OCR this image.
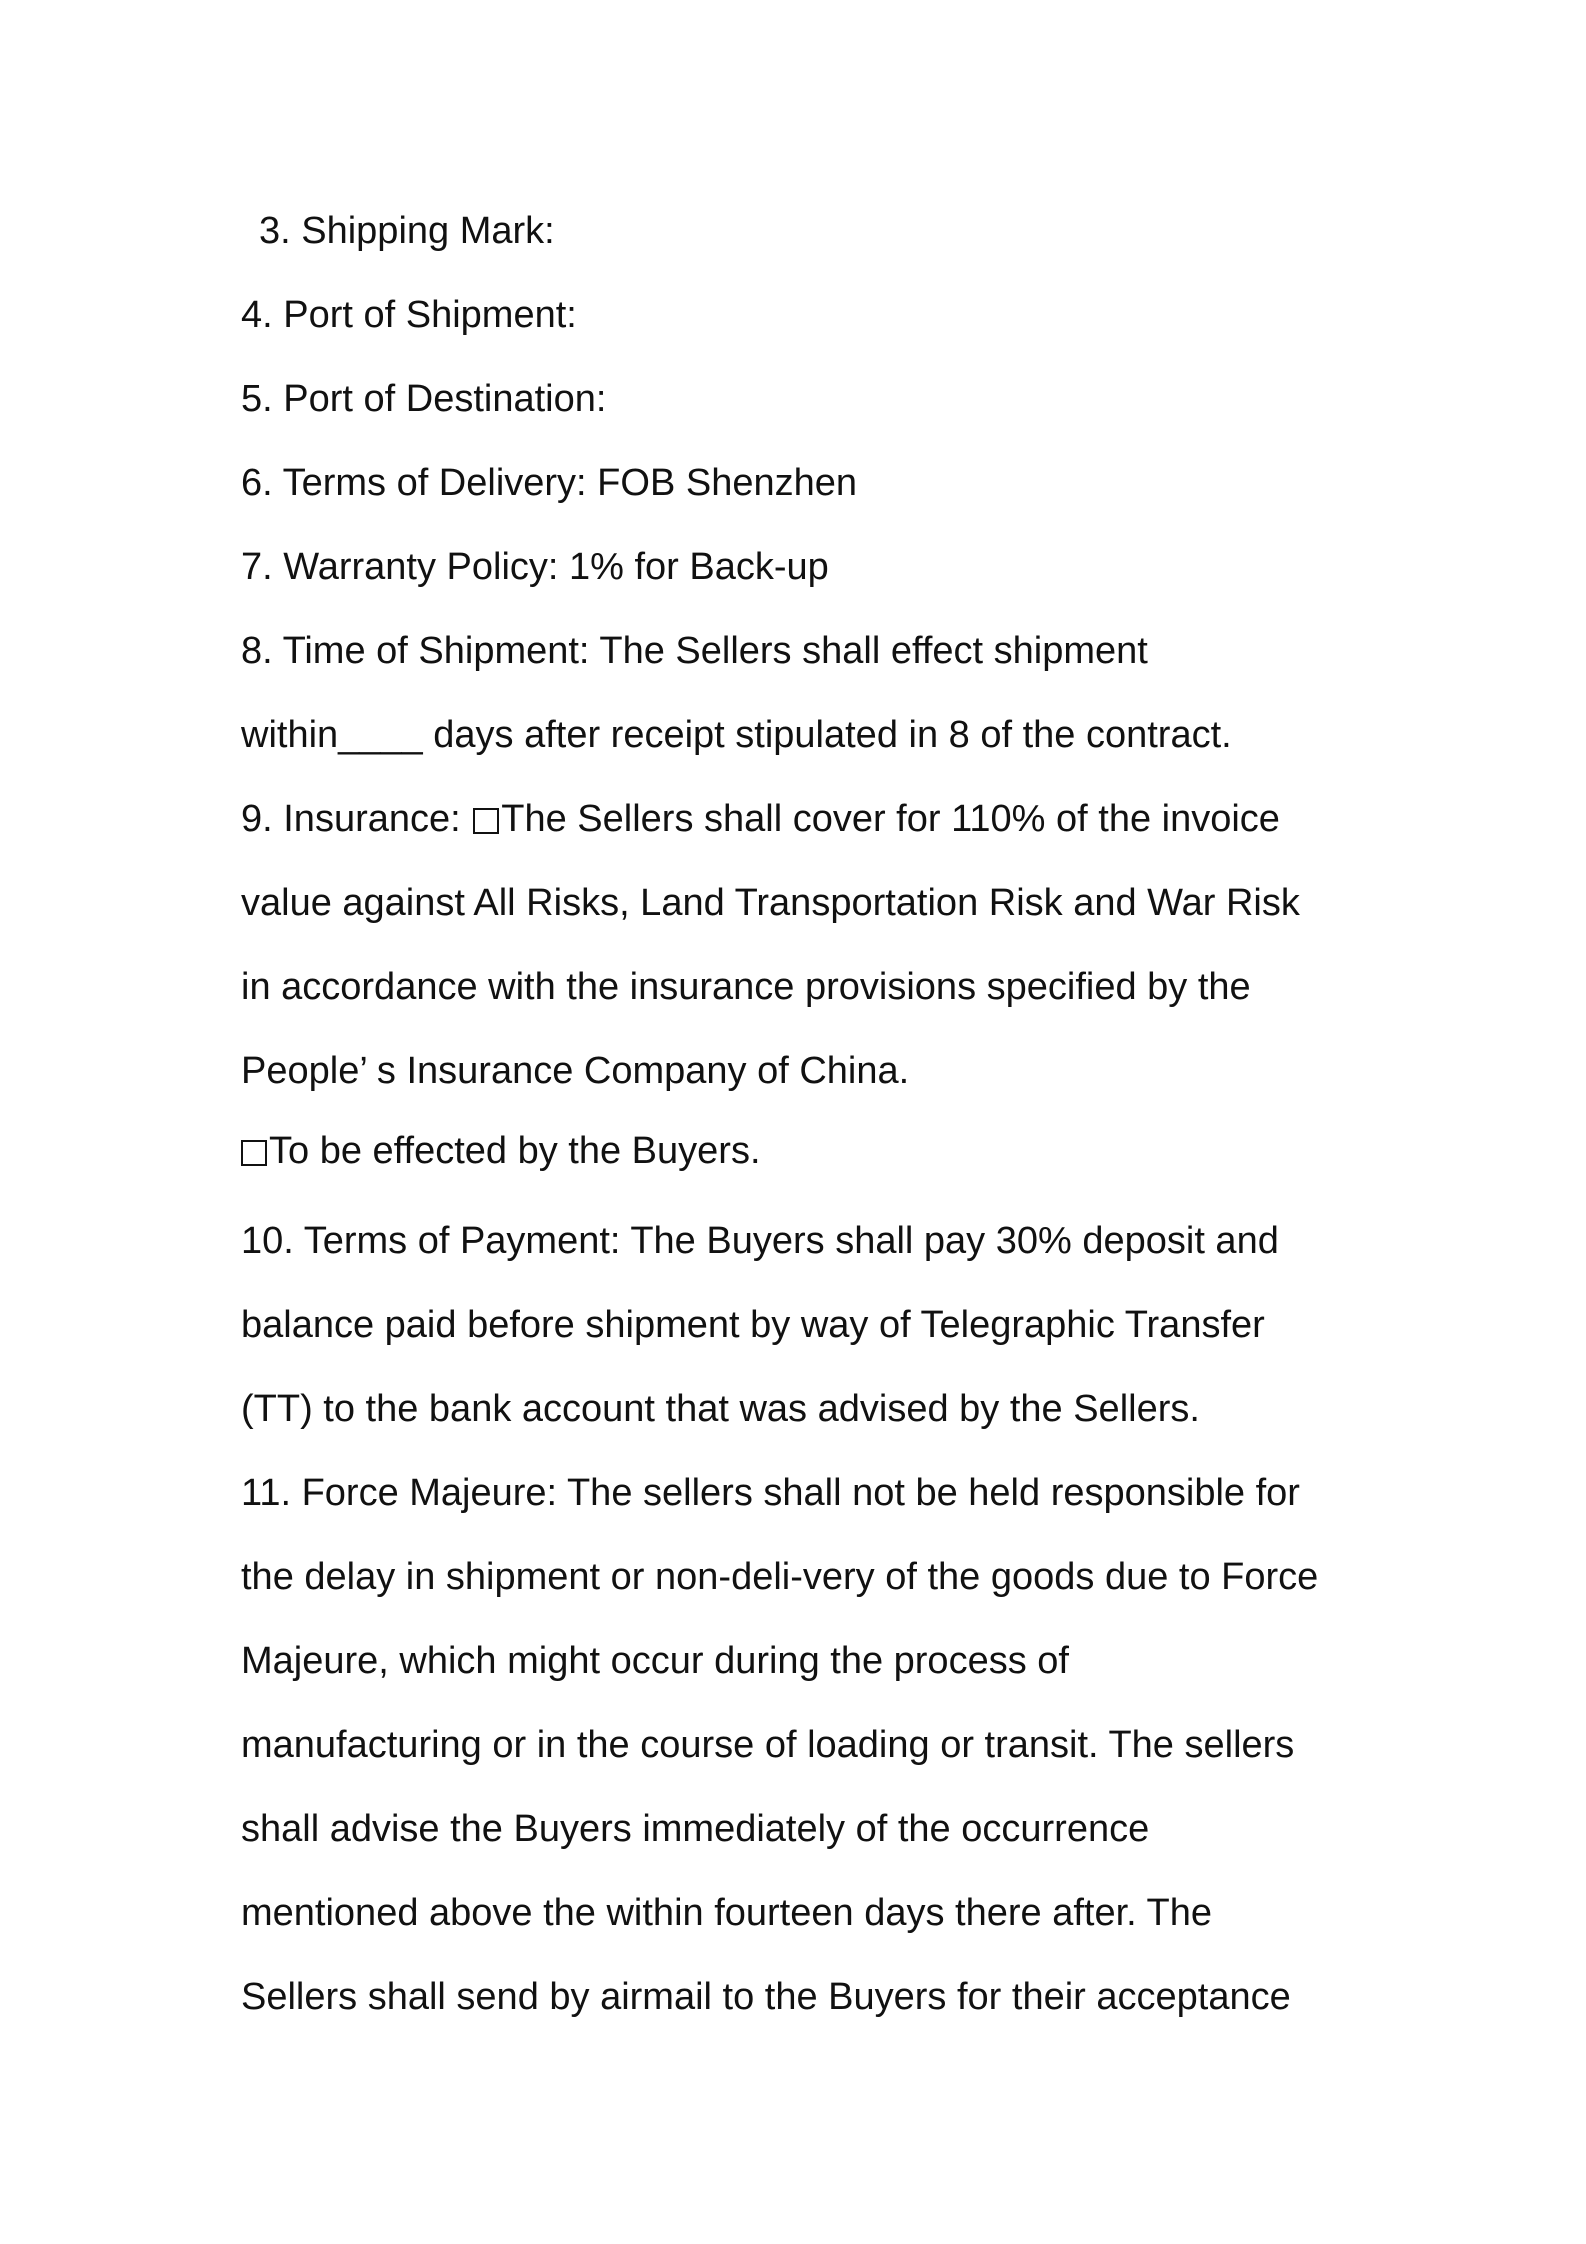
3. Shipping Mark:

4. Port of Shipment:

5. Port of Destination:

6. Terms of Delivery: FOB Shenzhen

7. Warranty Policy: 1% for Back-up

8. Time of Shipment: The Sellers shall effect shipment

within____ days after receipt stipulated in 8 of the contract.

9. Insurance: The Sellers shall cover for 110% of the invoice

value against All Risks, Land Transportation Risk and War Risk

in accordance with the insurance provisions specified by the

People’ s Insurance Company of China.

To be effected by the Buyers.

10. Terms of Payment: The Buyers shall pay 30% deposit and

balance paid before shipment by way of Telegraphic Transfer

(TT) to the bank account that was advised by the Sellers.

11. Force Majeure: The sellers shall not be held responsible for

the delay in shipment or non-deli-very of the goods due to Force

Majeure, which might occur during the process of

manufacturing or in the course of loading or transit. The sellers

shall advise the Buyers immediately of the occurrence

mentioned above the within fourteen days there after. The

Sellers shall send by airmail to the Buyers for their acceptance
